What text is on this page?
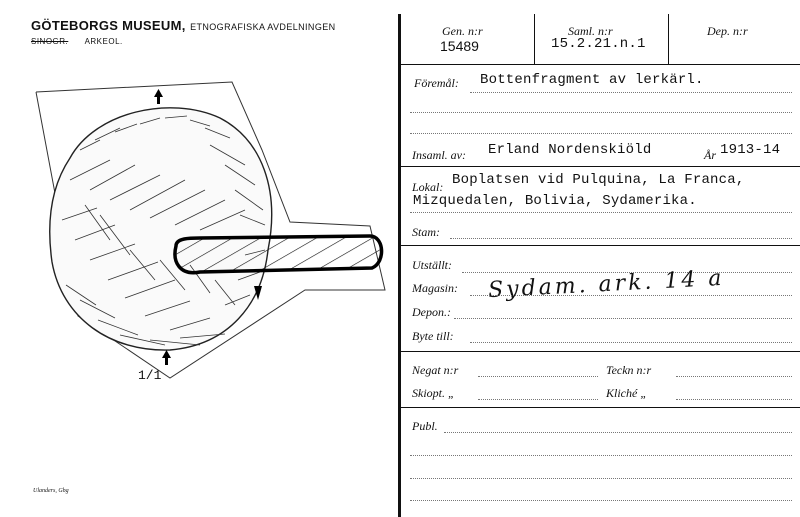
GÖTEBORGS MUSEUM, ETNOGRAFISKA AVDELNINGEN
SINOGR. ARKEOL.
1/1
Ulanders, Gbg
Gen. n:r
15489
Saml. n:r
15.2.21.n.1
Dep. n:r
Föremål: Bottenfragment av lerkärl.
Insaml. av: Erland Nordenskiöld	År 1913-14
Lokal: Boplatsen vid Pulquina, La Franca,
Mizquedalen, Bolivia, Sydamerika.
Stam:
Utställt:
Magasin: Sydam. ark. 14 a
Depon.:
Byte till:
Negat n:r	Teckn n:r
Skiopt. „	Kliché „
Publ.
